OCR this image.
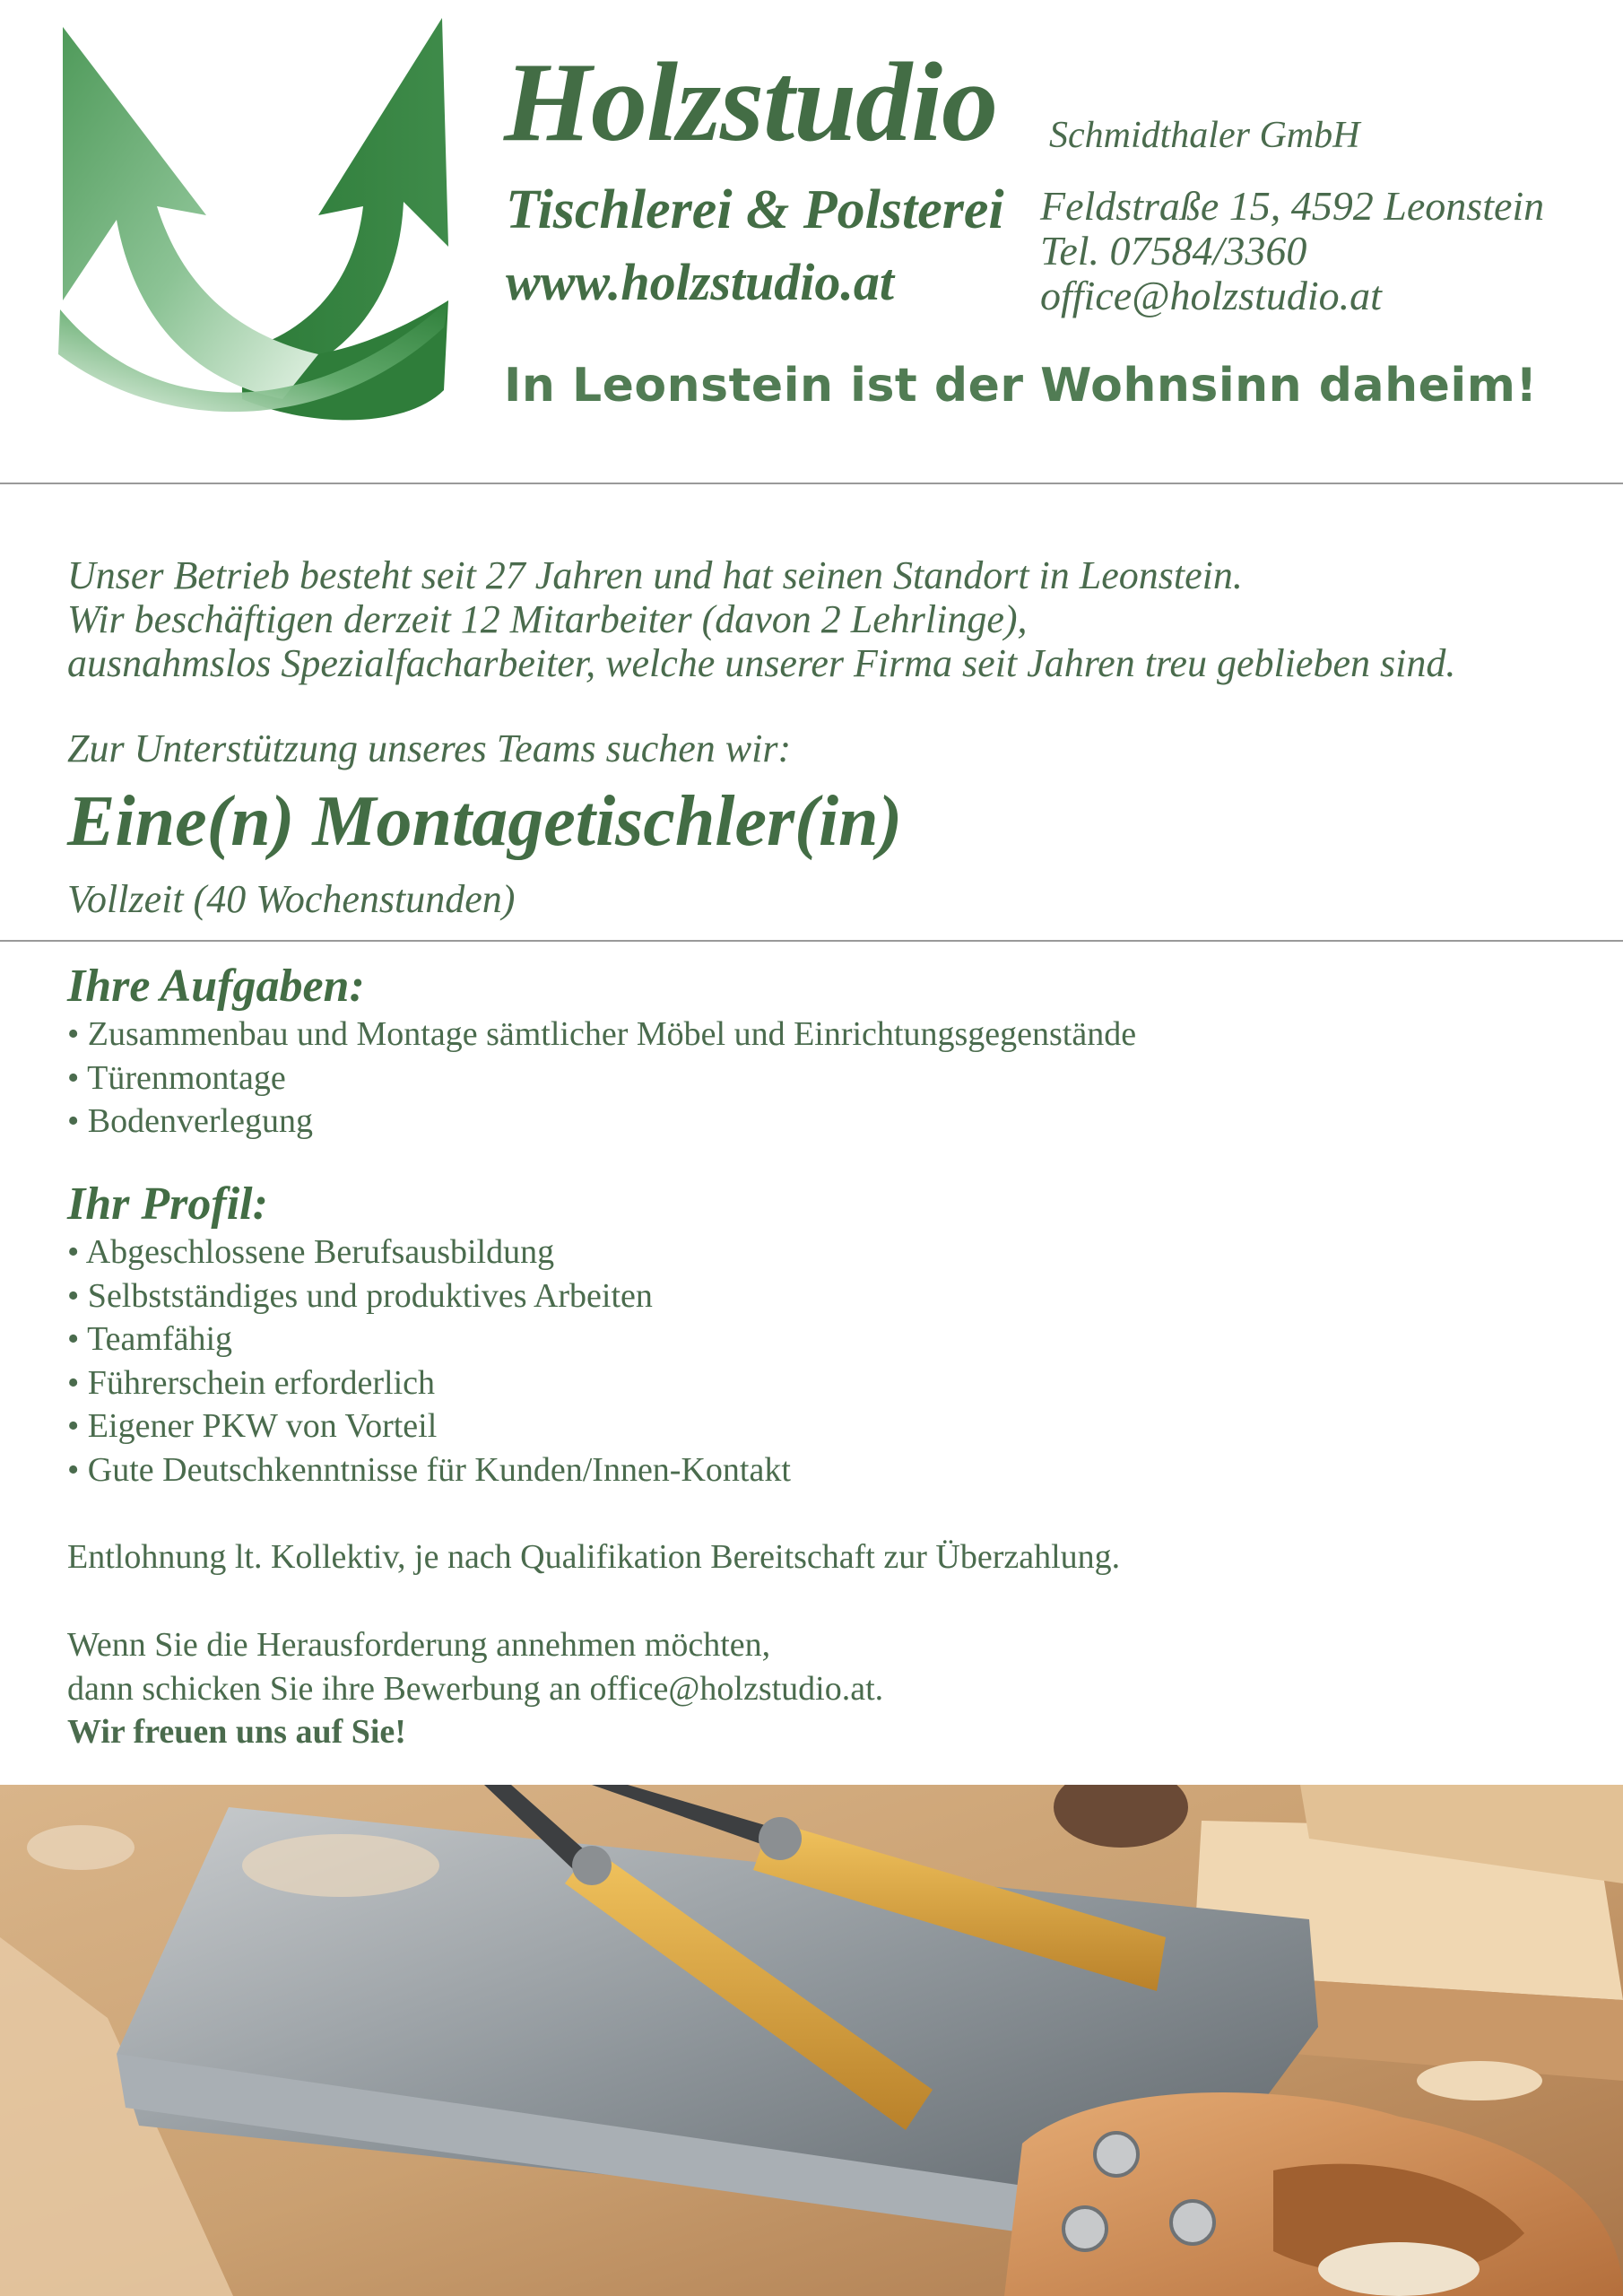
Holzstudio Schmidthaler GmbH
Tischlerei & Polsterei
www.holzstudio.at
Feldstraße 15, 4592 Leonstein
Tel. 07584/3360
office@holzstudio.at
In Leonstein ist der Wohnsinn daheim!
Unser Betrieb besteht seit 27 Jahren und hat seinen Standort in Leonstein.
Wir beschäftigen derzeit 12 Mitarbeiter (davon 2 Lehrlinge),
ausnahmslos Spezialfacharbeiter, welche unserer Firma seit Jahren treu geblieben sind.
Zur Unterstützung unseres Teams suchen wir:
Eine(n) Montagetischler(in)
Vollzeit (40 Wochenstunden)
Ihre Aufgaben:
• Zusammenbau und Montage sämtlicher Möbel und Einrichtungsgegenstände
• Türenmontage
• Bodenverlegung
Ihr Profil:
• Abgeschlossene Berufsausbildung
• Selbstständiges und produktives Arbeiten
• Teamfähig
• Führerschein erforderlich
• Eigener PKW von Vorteil
• Gute Deutschkenntnisse für Kunden/Innen-Kontakt
Entlohnung lt. Kollektiv, je nach Qualifikation Bereitschaft zur Überzahlung.
Wenn Sie die Herausforderung annehmen möchten,
dann schicken Sie ihre Bewerbung an office@holzstudio.at.
Wir freuen uns auf Sie!
